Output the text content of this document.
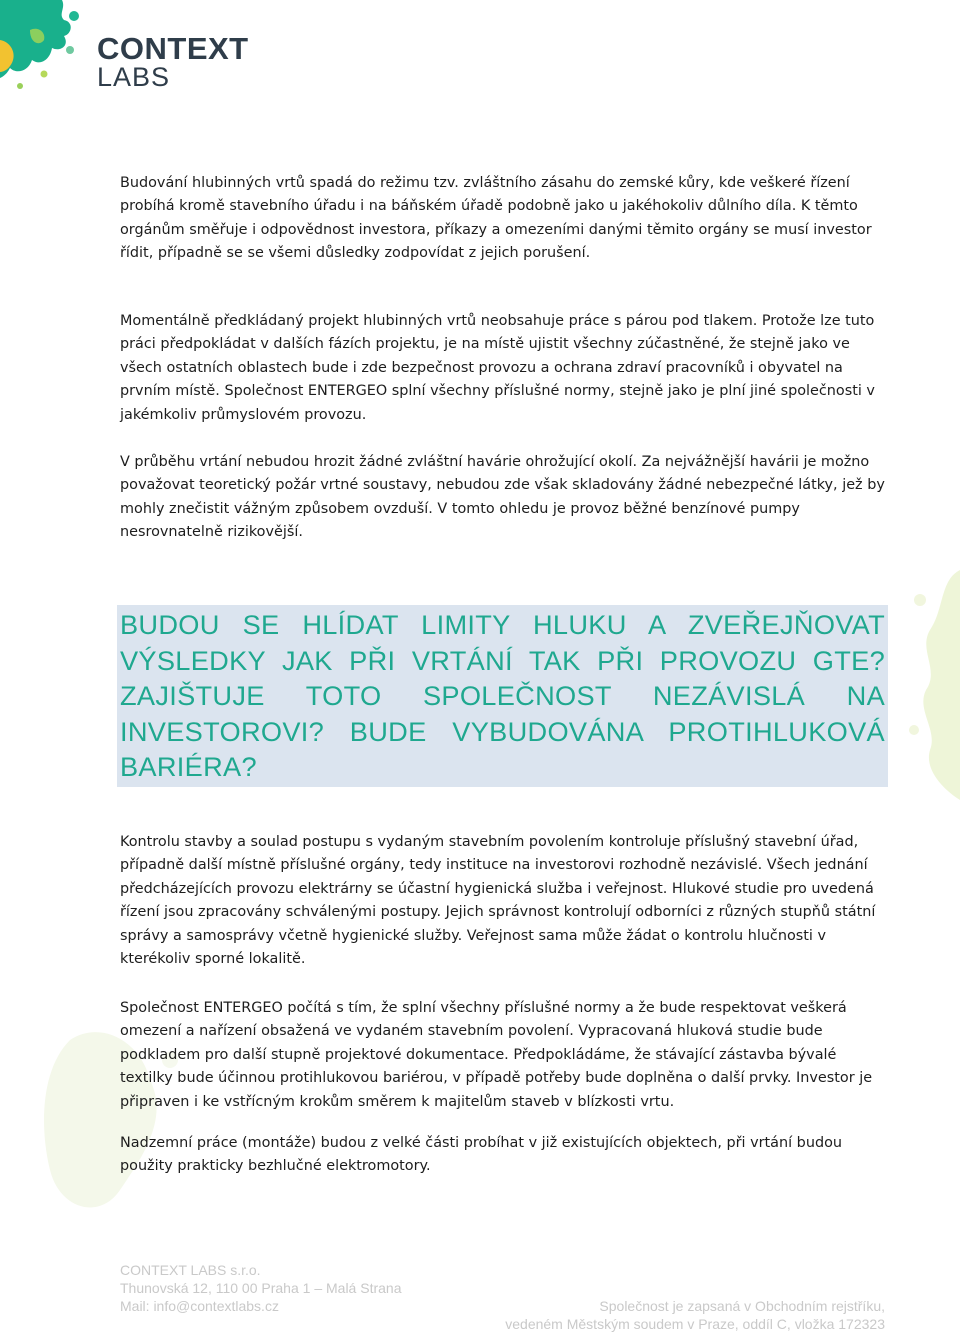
CONTEXT
LABS

Budování hlubinných vrtů spadá do režimu tzv. zvláštního zásahu do zemské kůry, kde veškeré řízení probíhá kromě stavebního úřadu i na báňském úřadě podobně jako u jakéhokoliv důlního díla. K těmto orgánům směřuje i odpovědnost investora, příkazy a omezeními danými těmito orgány se musí investor řídit, případně se se všemi důsledky zodpovídat z jejich porušení.

Momentálně předkládaný projekt hlubinných vrtů neobsahuje práce s párou pod tlakem. Protože lze tuto práci předpokládat v dalších fázích projektu, je na místě ujistit všechny zúčastněné, že stejně jako ve všech ostatních oblastech bude i zde bezpečnost provozu a ochrana zdraví pracovníků i obyvatel na prvním místě. Společnost ENTERGEO splní všechny příslušné normy, stejně jako je plní jiné společnosti v jakémkoliv průmyslovém provozu.

V průběhu vrtání nebudou hrozit žádné zvláštní havárie ohrožující okolí. Za nejvážnější havárii je možno považovat teoretický požár vrtné soustavy, nebudou zde však skladovány žádné nebezpečné látky, jež by mohly znečistit vážným způsobem ovzduší. V tomto ohledu je provoz běžné benzínové pumpy nesrovnatelně rizikovější.

BUDOU SE HLÍDAT LIMITY HLUKU A ZVEŘEJŇOVAT VÝSLEDKY JAK PŘI VRTÁNÍ TAK PŘI PROVOZU GTE? ZAJIŠTUJE TOTO SPOLEČNOST NEZÁVISLÁ NA INVESTOROVI? BUDE VYBUDOVÁNA PROTIHLUKOVÁ BARIÉRA?

Kontrolu stavby a soulad postupu s vydaným stavebním povolením kontroluje příslušný stavební úřad, případně další místně příslušné orgány, tedy instituce na investorovi rozhodně nezávislé. Všech jednání předcházejících provozu elektrárny se účastní hygienická služba i veřejnost. Hlukové studie pro uvedená řízení jsou zpracovány schválenými postupy. Jejich správnost kontrolují odborníci z různých stupňů státní správy a samosprávy včetně hygienické služby. Veřejnost sama může žádat o kontrolu hlučnosti v kterékoliv sporné lokalitě.

Společnost ENTERGEO počítá s tím, že splní všechny příslušné normy a že bude respektovat veškerá omezení a nařízení obsažená ve vydaném stavebním povolení. Vypracovaná hluková studie bude podkladem pro další stupně projektové dokumentace. Předpokládáme, že stávající zástavba bývalé textilky bude účinnou protihlukovou bariérou, v případě potřeby bude doplněna o další prvky. Investor je připraven i ke vstřícným krokům směrem k majitelům staveb v blízkosti vrtu.

Nadzemní práce (montáže) budou z velké části probíhat v již existujících objektech, při vrtání budou použity prakticky bezhlučné elektromotory.

CONTEXT LABS s.r.o.
Thunovská 12, 110 00 Praha 1 – Malá Strana
Mail: info@contextlabs.cz	Společnost je zapsaná v Obchodním rejstříku,
vedeném Městským soudem v Praze, oddíl C, vložka 172323
